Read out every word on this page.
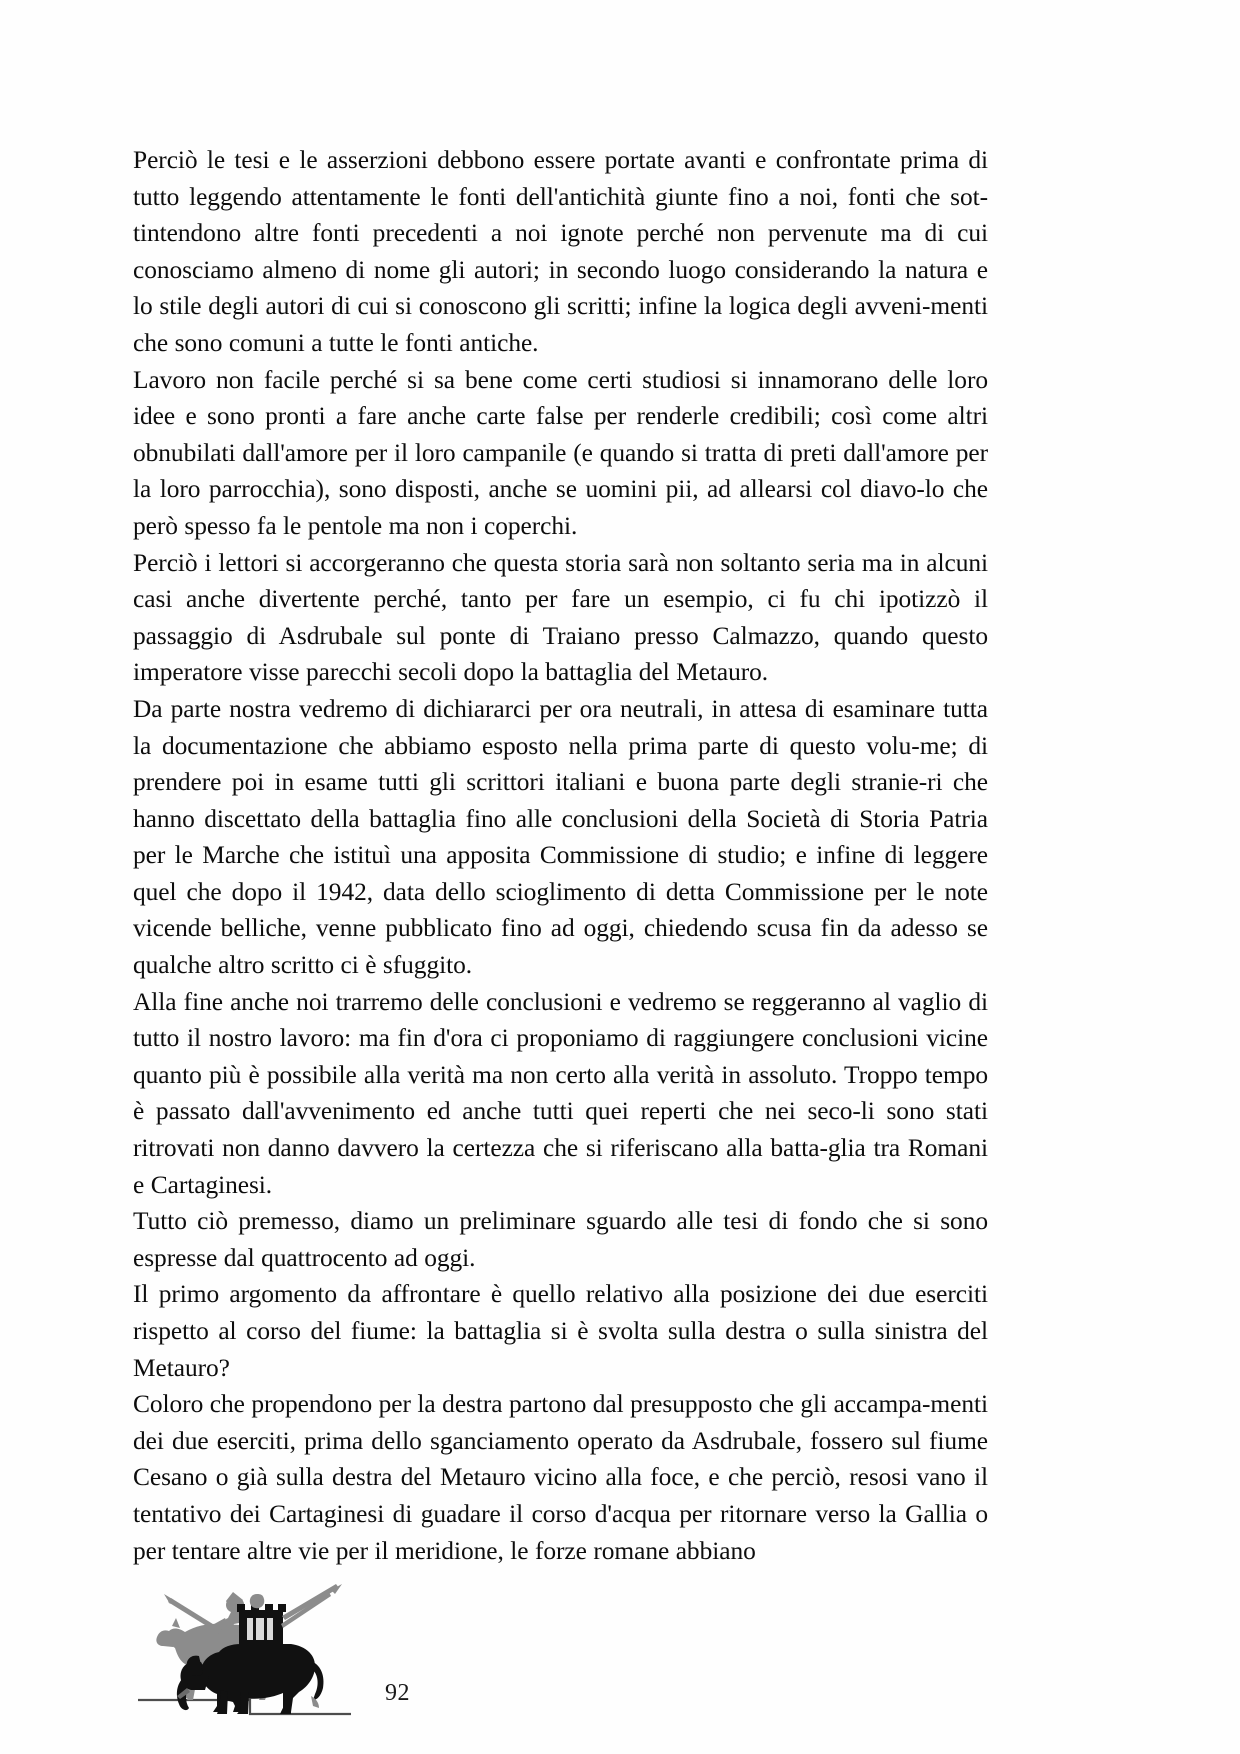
Perciò le tesi e le asserzioni debbono essere portate avanti e confrontate prima di tutto leggendo attentamente le fonti dell'antichità giunte fino a noi, fonti che sot-tintendono altre fonti precedenti a noi ignote perché non pervenute ma di cui conosciamo almeno di nome gli autori; in secondo luogo considerando la natura e lo stile degli autori di cui si conoscono gli scritti; infine la logica degli avveni-menti che sono comuni a tutte le fonti antiche.

Lavoro non facile perché si sa bene come certi studiosi si innamorano delle loro idee e sono pronti a fare anche carte false per renderle credibili; così come altri obnubilati dall'amore per il loro campanile (e quando si tratta di preti dall'amore per la loro parrocchia), sono disposti, anche se uomini pii, ad allearsi col diavo-lo che però spesso fa le pentole ma non i coperchi.

Perciò i lettori si accorgeranno che questa storia sarà non soltanto seria ma in alcuni casi anche divertente perché, tanto per fare un esempio, ci fu chi ipotizzò il passaggio di Asdrubale sul ponte di Traiano presso Calmazzo, quando questo imperatore visse parecchi secoli dopo la battaglia del Metauro.

Da parte nostra vedremo di dichiararci per ora neutrali, in attesa di esaminare tutta la documentazione che abbiamo esposto nella prima parte di questo volu-me; di prendere poi in esame tutti gli scrittori italiani e buona parte degli stranie-ri che hanno discettato della battaglia fino alle conclusioni della Società di Storia Patria per le Marche che istituì una apposita Commissione di studio; e infine di leggere quel che dopo il 1942, data dello scioglimento di detta Commissione per le note vicende belliche, venne pubblicato fino ad oggi, chiedendo scusa fin da adesso se qualche altro scritto ci è sfuggito.

Alla fine anche noi trarremo delle conclusioni e vedremo se reggeranno al vaglio di tutto il nostro lavoro: ma fin d'ora ci proponiamo di raggiungere conclusioni vicine quanto più è possibile alla verità ma non certo alla verità in assoluto. Troppo tempo è passato dall'avvenimento ed anche tutti quei reperti che nei seco-li sono stati ritrovati non danno davvero la certezza che si riferiscano alla batta-glia tra Romani e Cartaginesi.

Tutto ciò premesso, diamo un preliminare sguardo alle tesi di fondo che si sono espresse dal quattrocento ad oggi.

Il primo argomento da affrontare è quello relativo alla posizione dei due eserciti rispetto al corso del fiume: la battaglia si è svolta sulla destra o sulla sinistra del Metauro?

Coloro che propendono per la destra partono dal presupposto che gli accampa-menti dei due eserciti, prima dello sganciamento operato da Asdrubale, fossero sul fiume Cesano o già sulla destra del Metauro vicino alla foce, e che perciò, resosi vano il tentativo dei Cartaginesi di guadare il corso d'acqua per ritornare verso la Gallia o per tentare altre vie per il meridione, le forze romane abbiano

92
